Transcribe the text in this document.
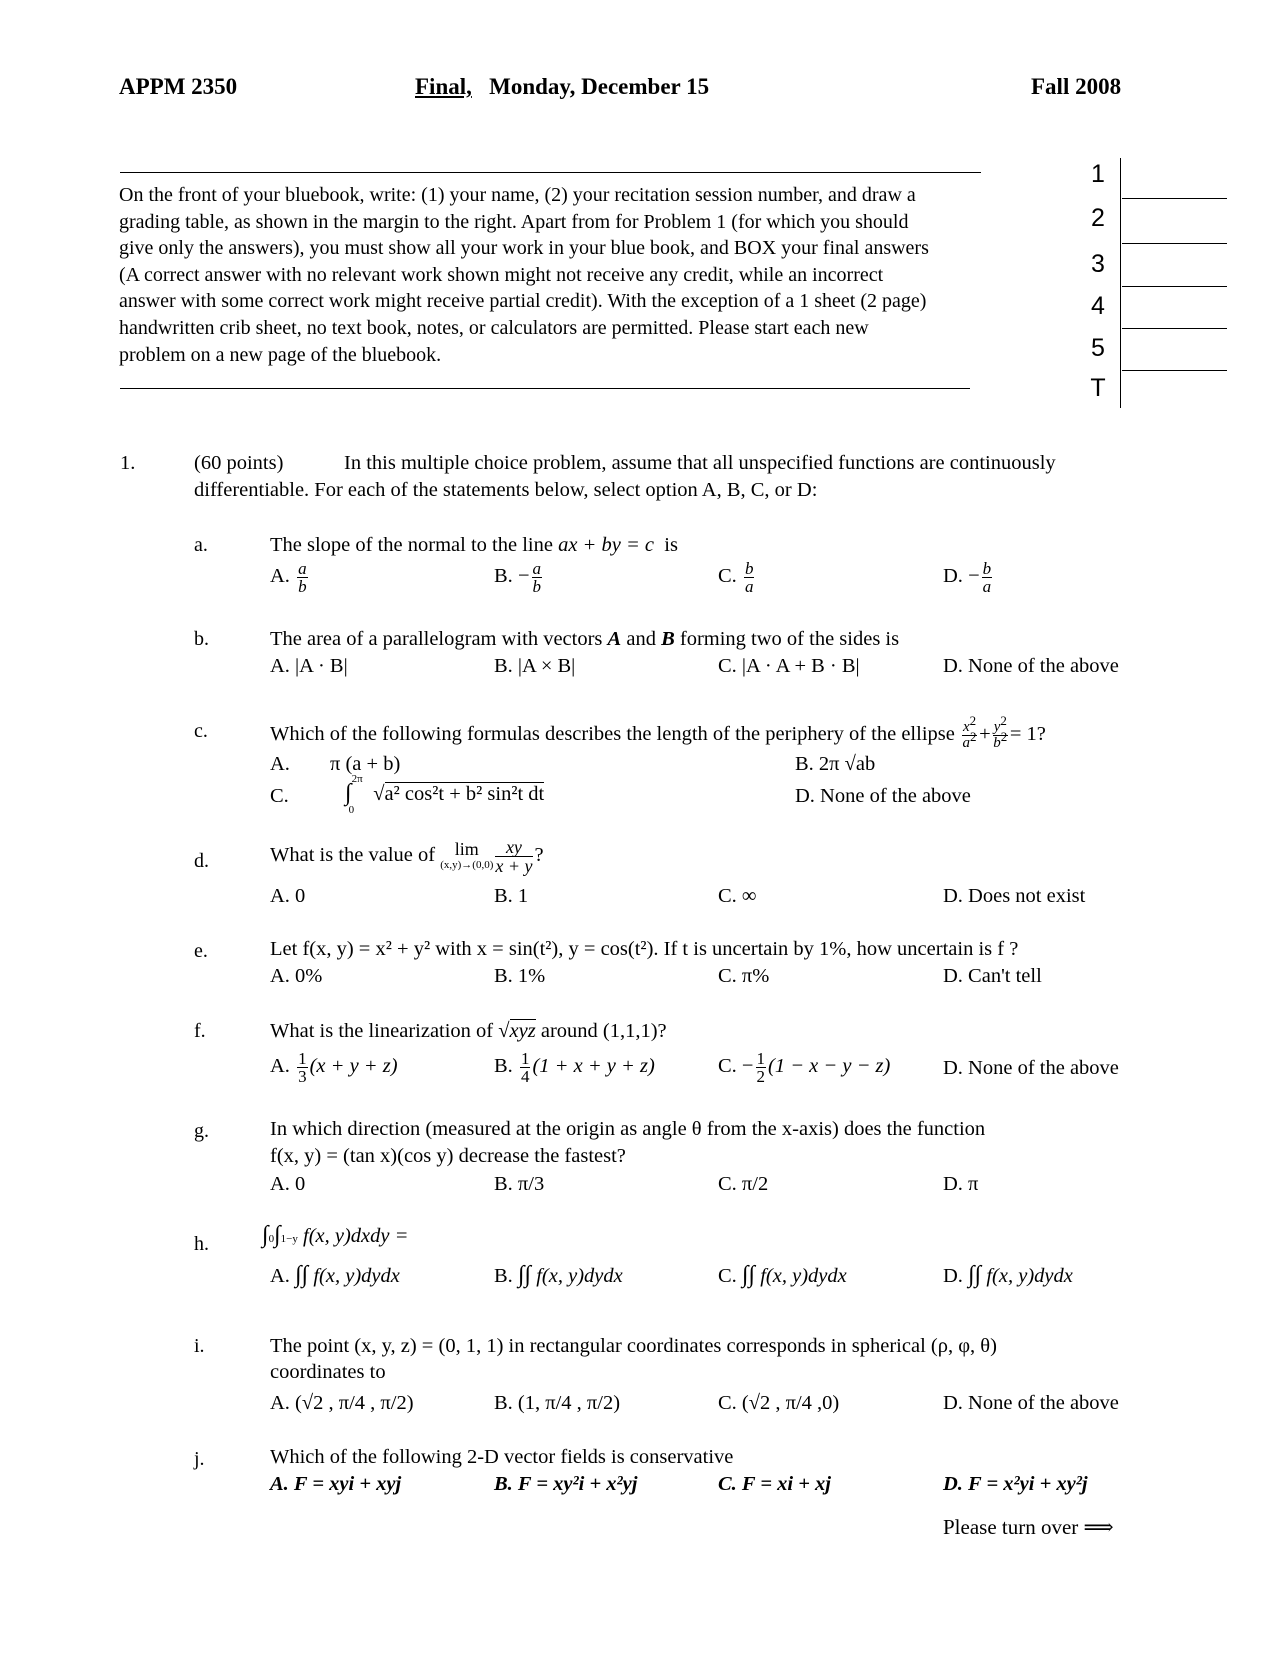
APPM 2350	Final, Monday, December 15	Fall 2008
On the front of your bluebook, write: (1) your name, (2) your recitation session number, and draw a
grading table, as shown in the margin to the right. Apart from for Problem 1 (for which you should
give only the answers), you must show all your work in your blue book, and BOX your final answers
(A correct answer with no relevant work shown might not receive any credit, while an incorrect
answer with some correct work might receive partial credit). With the exception of a 1 sheet (2 page)
handwritten crib sheet, no text book, notes, or calculators are permitted. Please start each new
problem on a new page of the bluebook.
1
2
3
4
5
T
1.	(60 points)	In this multiple choice problem, assume that all unspecified functions are continuously
differentiable. For each of the statements below, select option A, B, C, or D:
a.	The slope of the normal to the line ax + by = c is
A. $\frac{a}{b}$	B. − $\frac{a}{b}$	C. $\frac{b}{a}$	D. − $\frac{b}{a}$
b.	The area of a parallelogram with vectors A and B forming two of the sides is
A. |A · B|	B. |A × B|	C. |A · A + B · B|	D. None of the above
c.	Which of the following formulas describes the length of the periphery of the ellipse $\frac{x^2}{a^2} + \frac{y^2}{b^2} = 1$?
A. π (a + b)	B. 2π √ab
C. ∫$^{2\pi}_0$ √a² cos²t + b² sin²t dt	D. None of the above
d.	What is the value of lim
$(x,y)\to(0,0) \frac{xy}{x + y}$ ?
A. 0	B. 1	C. ∞	D. Does not exist
e.	Let f(x, y) = x² + y² with x = sin(t²), y = cos(t²). If t is uncertain by 1%, how uncertain is f ?
A. 0%	B. 1%	C. π%	D. Can't tell
f.	What is the linearization of √xyz around (1,1,1)?
A. $\frac{1}{3} (x + y + z)$	B. $\frac{1}{4} (1 + x + y + z)$	C. − $\frac{1}{2} (1 - x - y - z)$	D. None of the above
g.	In which direction (measured at the origin as angle θ from the x-axis) does the function
f(x, y) = (tan x)(cos y) decrease the fastest?
A. 0	B. π/3	C. π/2	D. π
h. ∫0∫1−y f(x, y)dxdy =
A. ∫∫ f(x, y)dydx	B. ∫∫ f(x, y)dydx	C. ∫∫ f(x, y)dydx	D. ∫∫ f(x, y)dydx
i.	The point (x, y, z) = (0, 1, 1) in rectangular coordinates corresponds in spherical (ρ, φ, θ)
coordinates to
A. (√2 , π/4 , π/2)	B. (1, π/4 , π/2)	C. (√2 , π/4 ,0)	D. None of the above
j.	Which of the following 2-D vector fields is conservative
A. F = xyi + xyj	B. F = xy²i + x²yj	C. F = xi + xj	D. F = x²yi + xy²j
Please turn over ⟹
